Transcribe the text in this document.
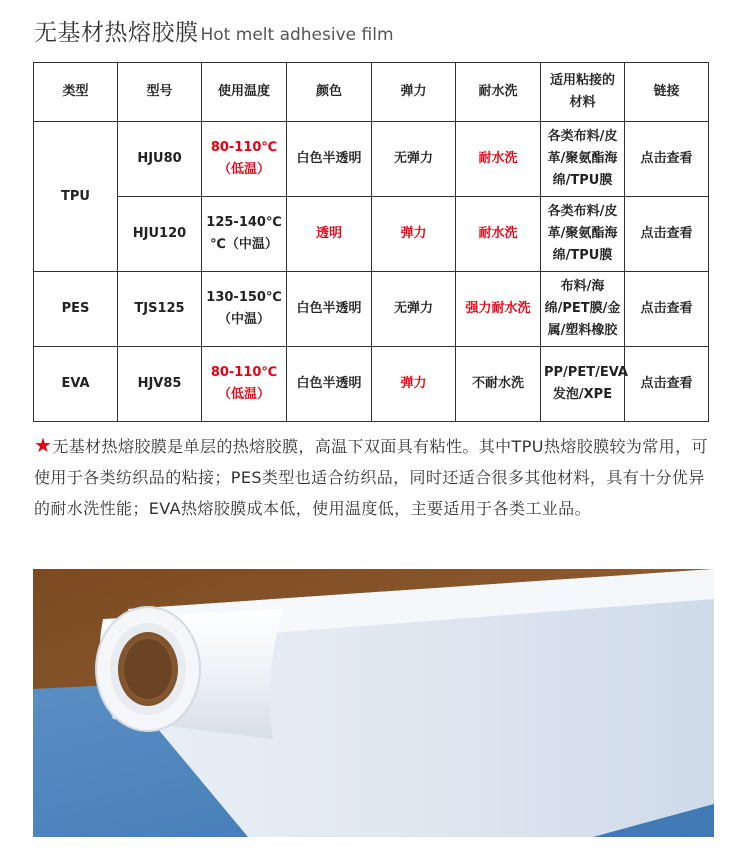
无基材热熔胶膜 Hot melt adhesive film
类型	型号	使用温度	颜色	弹力	耐水洗	适用粘接的材料	链接
TPU	HJU80	80-110℃（低温）	白色半透明	无弹力	耐水洗	各类布料/皮革/聚氨酯海绵/TPU膜	点击查看
	HJU120	125-140℃ ℃（中温）	透明	弹力	耐水洗	各类布料/皮革/聚氨酯海绵/TPU膜	点击查看
PES	TJS125	130-150℃（中温）	白色半透明	无弹力	强力耐水洗	布料/海绵/PET膜/金属/塑料橡胶	点击查看
EVA	HJV85	80-110℃（低温）	白色半透明	弹力	不耐水洗	PP/PET/EVA发泡/XPE	点击查看

★无基材热熔胶膜是单层的热熔胶膜，高温下双面具有粘性。其中TPU热熔胶膜较为常用，可使用于各类纺织品的粘接；PES类型也适合纺织品，同时还适合很多其他材料，具有十分优异的耐水洗性能；EVA热熔胶膜成本低，使用温度低，主要适用于各类工业品。
